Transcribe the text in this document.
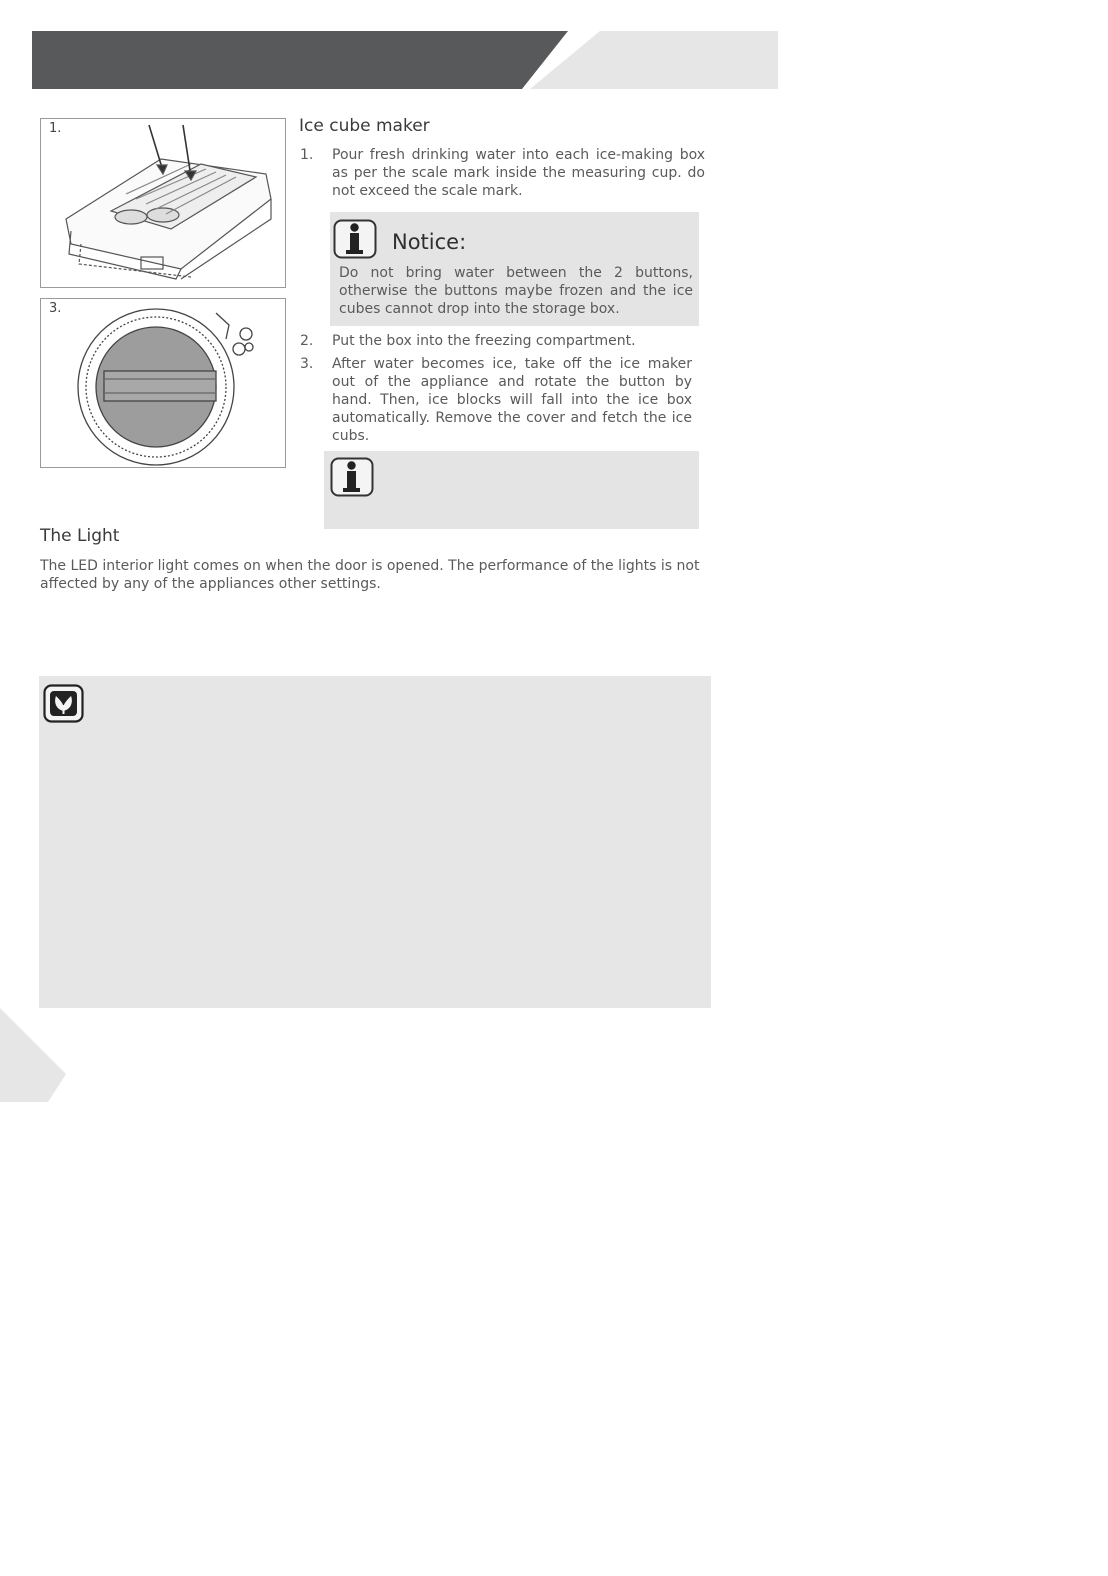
1.
3.
Ice cube maker
1. Pour fresh drinking water into each ice-making box as per the scale mark inside the measuring cup. do not exceed the scale mark.
Notice:
Do not bring water between the 2 buttons, otherwise the buttons maybe frozen and the ice cubes cannot drop into the storage box.
2. Put the box into the freezing compartment.
3. After water becomes ice, take off the ice maker out of the appliance and rotate the button by hand. Then, ice blocks will fall into the ice box automatically. Remove the cover and fetch the ice cubs.
The Light
The LED interior light comes on when the door is opened. The performance of the lights is not affected by any of the appliances other settings.
